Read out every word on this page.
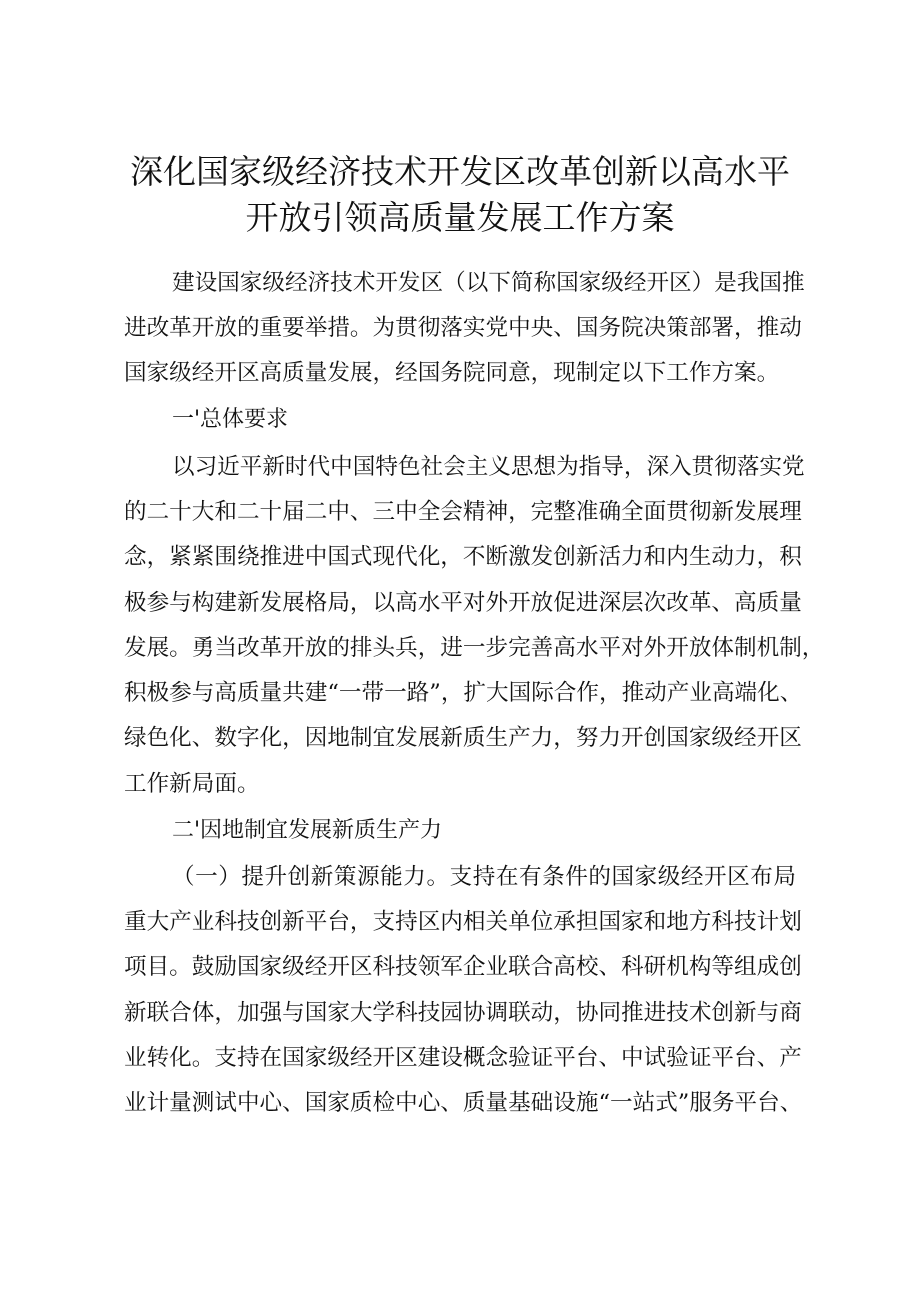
深化国家级经济技术开发区改革创新以高水平
开放引领高质量发展工作方案
建设国家级经济技术开发区（以下简称国家级经开区）是我国推
进改革开放的重要举措。为贯彻落实党中央、国务院决策部署，推动
国家级经开区高质量发展，经国务院同意，现制定以下工作方案。
一'总体要求
以习近平新时代中国特色社会主义思想为指导，深入贯彻落实党
的二十大和二十届二中、三中全会精神，完整准确全面贯彻新发展理
念，紧紧围绕推进中国式现代化，不断激发创新活力和内生动力，积
极参与构建新发展格局，以高水平对外开放促进深层次改革、高质量
发展。勇当改革开放的排头兵，进一步完善高水平对外开放体制机制，
积极参与高质量共建“一带一路”，扩大国际合作，推动产业高端化、
绿色化、数字化，因地制宜发展新质生产力，努力开创国家级经开区
工作新局面。
二'因地制宜发展新质生产力
（一）提升创新策源能力。支持在有条件的国家级经开区布局
重大产业科技创新平台，支持区内相关单位承担国家和地方科技计划
项目。鼓励国家级经开区科技领军企业联合高校、科研机构等组成创
新联合体，加强与国家大学科技园协调联动，协同推进技术创新与商
业转化。支持在国家级经开区建设概念验证平台、中试验证平台、产
业计量测试中心、国家质检中心、质量基础设施“一站式”服务平台、
